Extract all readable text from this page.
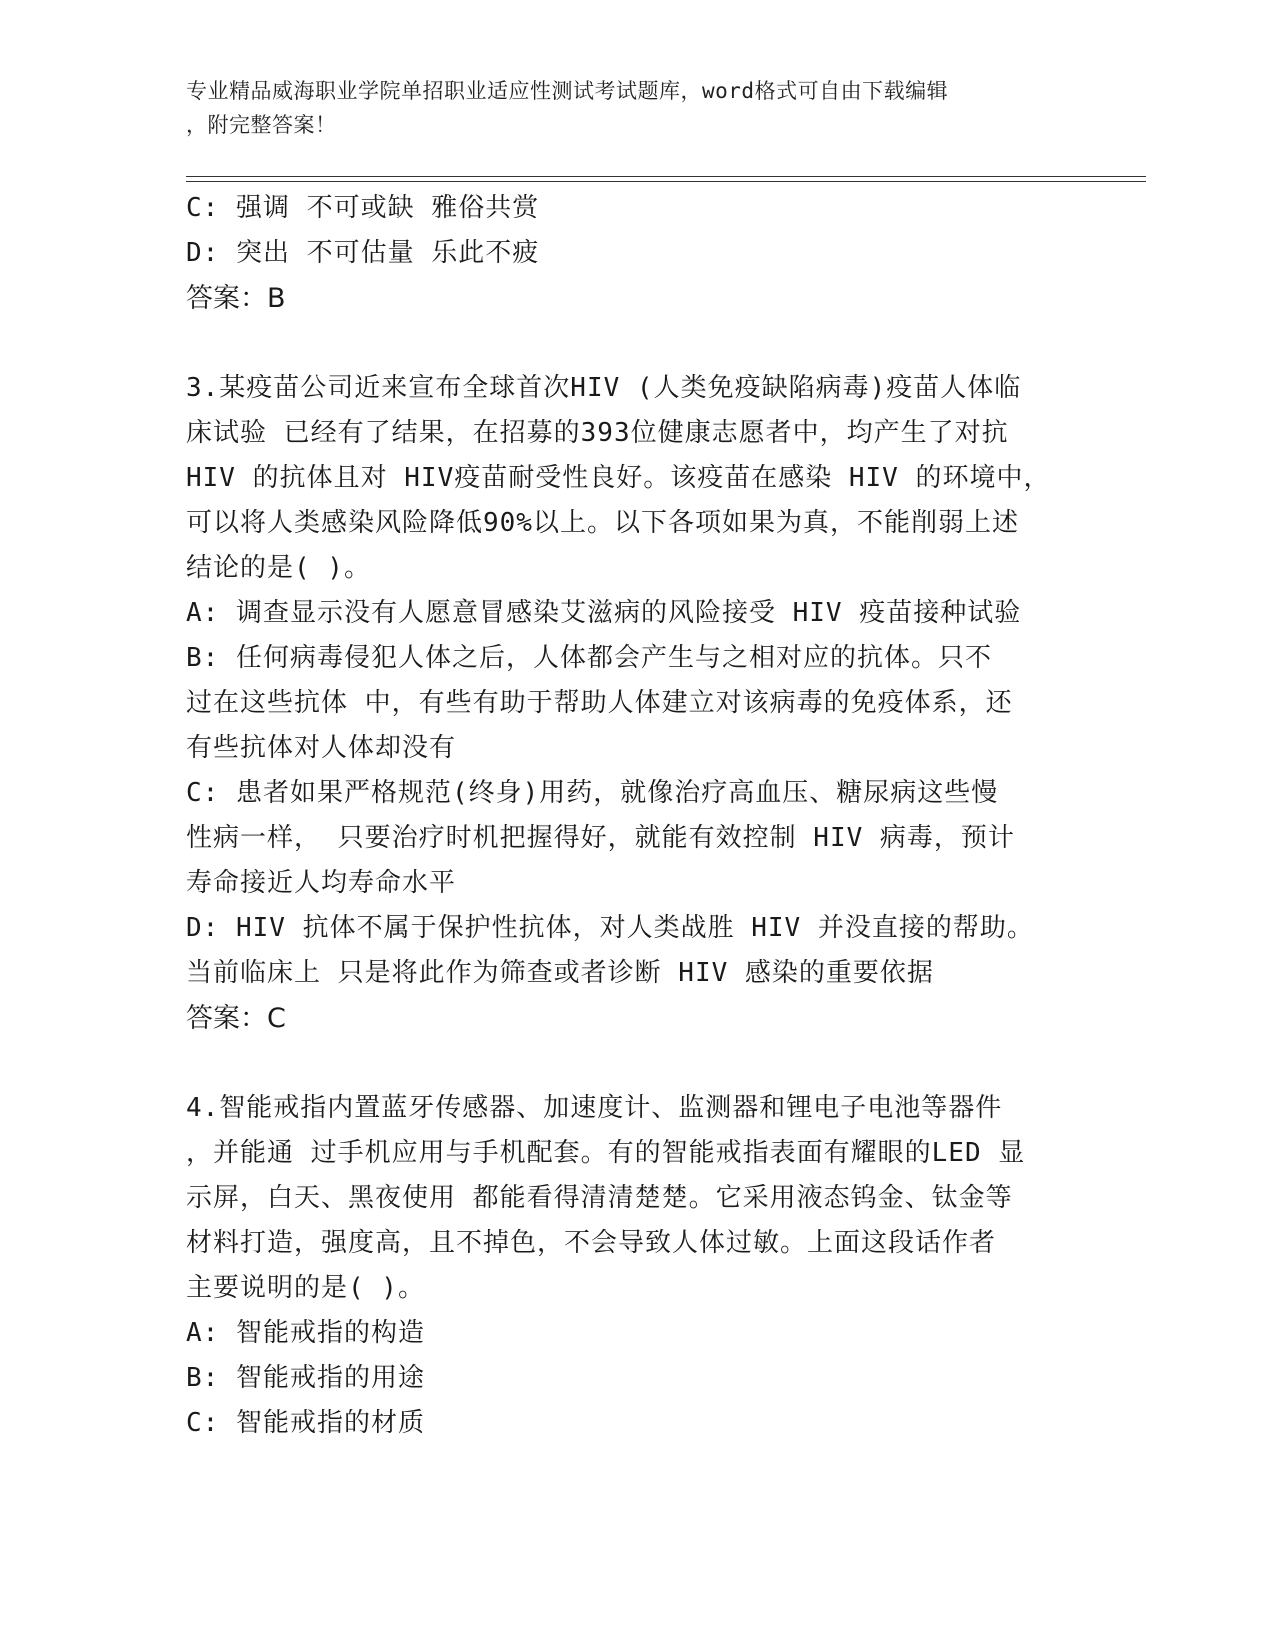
专业精品威海职业学院单招职业适应性测试考试题库，word格式可自由下载编辑
，附完整答案！
C: 强调 不可或缺 雅俗共赏
D: 突出 不可估量 乐此不疲
答案：B
3.某疫苗公司近来宣布全球首次HIV (人类免疫缺陷病毒)疫苗人体临
床试验 已经有了结果，在招募的393位健康志愿者中，均产生了对抗
HIV 的抗体且对 HIV疫苗耐受性良好。该疫苗在感染 HIV 的环境中，
可以将人类感染风险降低90%以上。以下各项如果为真，不能削弱上述
结论的是( )。
A: 调查显示没有人愿意冒感染艾滋病的风险接受 HIV 疫苗接种试验
B: 任何病毒侵犯人体之后，人体都会产生与之相对应的抗体。只不
过在这些抗体 中，有些有助于帮助人体建立对该病毒的免疫体系，还
有些抗体对人体却没有
C: 患者如果严格规范(终身)用药，就像治疗高血压、糖尿病这些慢
性病一样， 只要治疗时机把握得好，就能有效控制 HIV 病毒，预计
寿命接近人均寿命水平
D: HIV 抗体不属于保护性抗体，对人类战胜 HIV 并没直接的帮助。
当前临床上 只是将此作为筛查或者诊断 HIV 感染的重要依据
答案：C
4.智能戒指内置蓝牙传感器、加速度计、监测器和锂电子电池等器件
，并能通 过手机应用与手机配套。有的智能戒指表面有耀眼的LED 显
示屏，白天、黑夜使用 都能看得清清楚楚。它采用液态钨金、钛金等
材料打造，强度高，且不掉色，不会导致人体过敏。上面这段话作者
主要说明的是( )。
A: 智能戒指的构造
B: 智能戒指的用途
C: 智能戒指的材质
